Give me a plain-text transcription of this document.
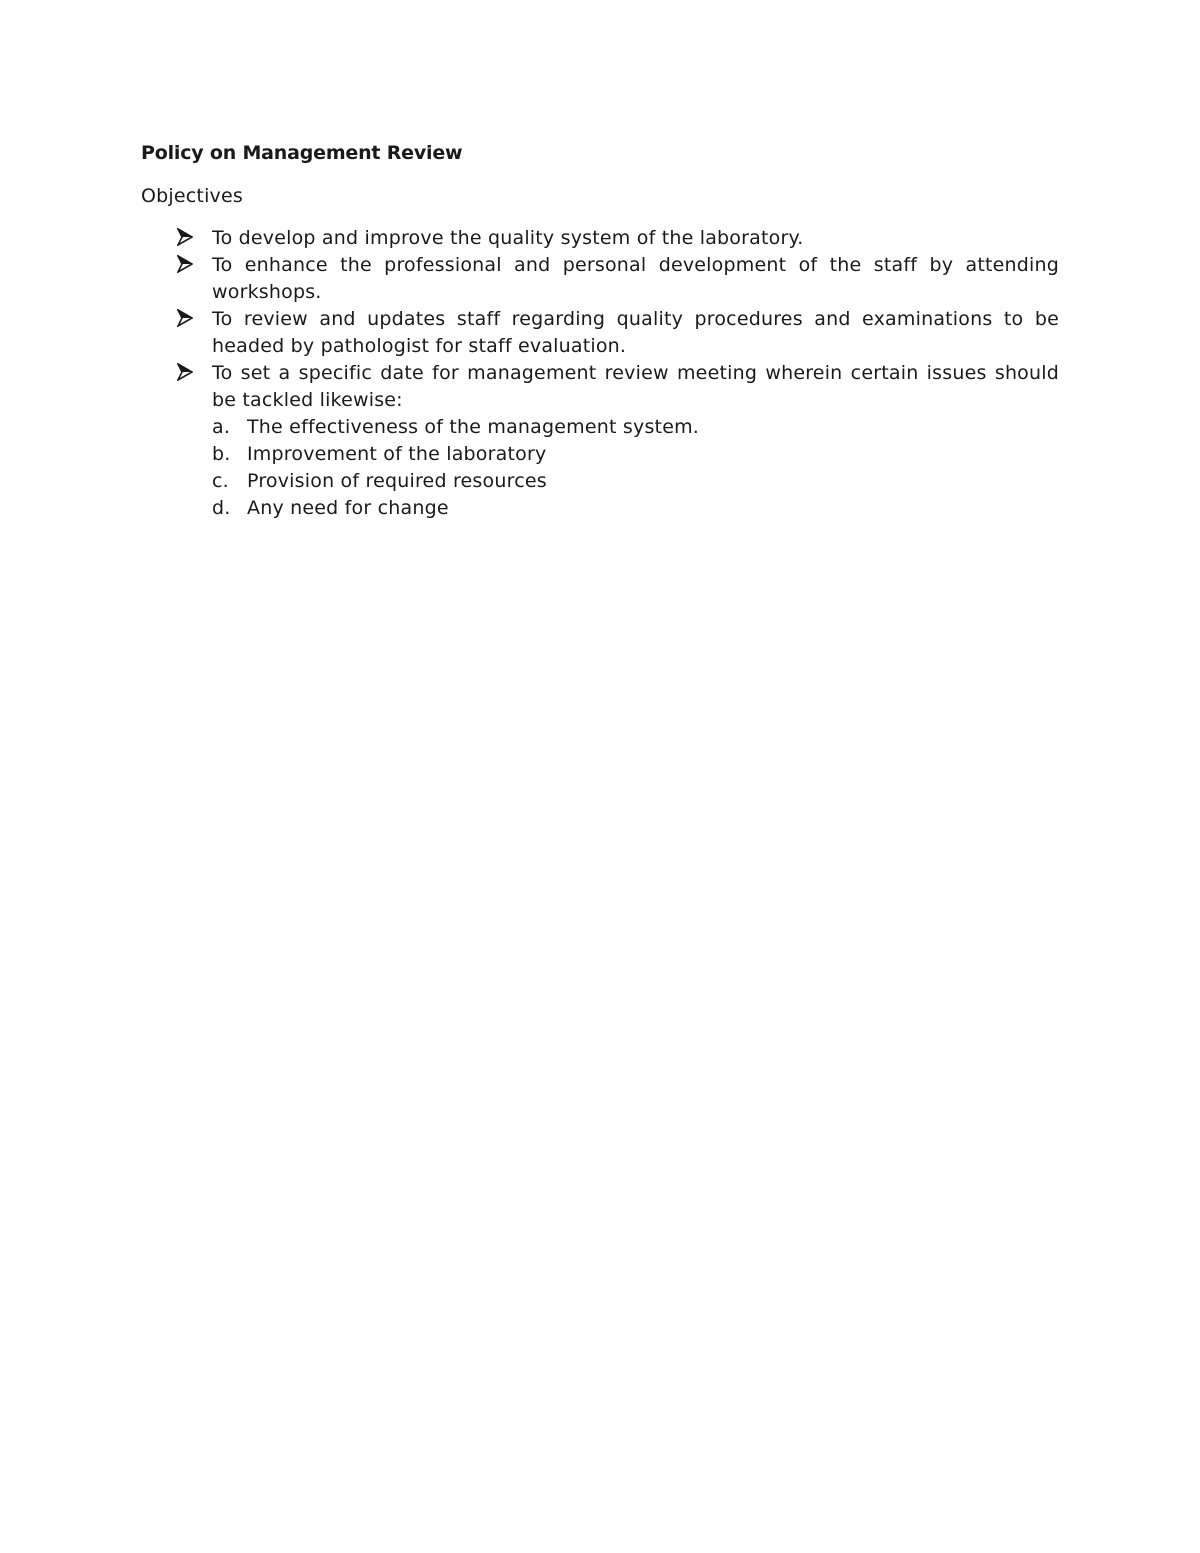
Policy on Management Review

Objectives

To develop and improve the quality system of the laboratory.
To enhance the professional and personal development of the staff by attending workshops.
To review and updates staff regarding quality procedures and examinations to be headed by pathologist for staff evaluation.
To set a specific date for management review meeting wherein certain issues should be tackled likewise:
a. The effectiveness of the management system.
b. Improvement of the laboratory
c. Provision of required resources
d. Any need for change
